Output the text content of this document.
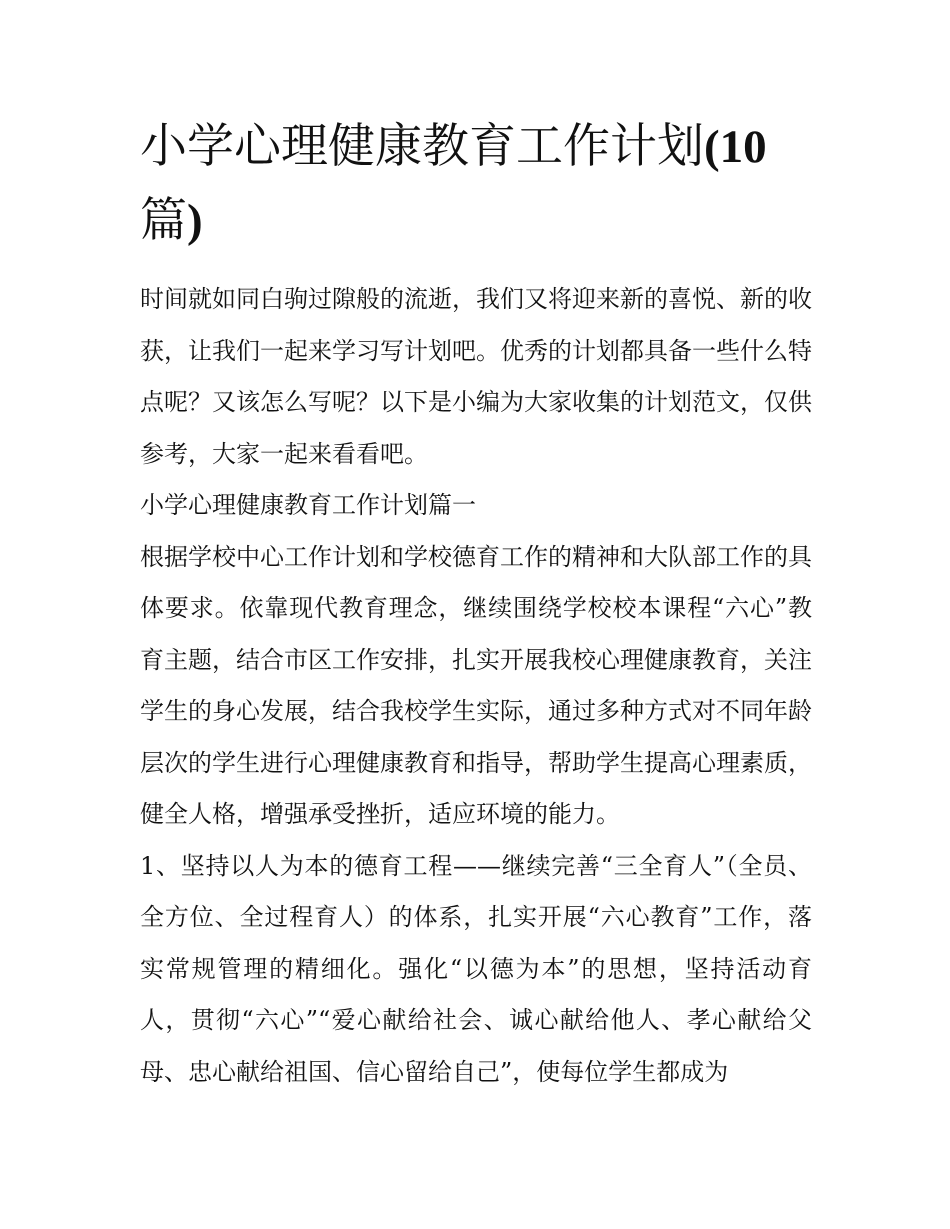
小学心理健康教育工作计划(10
篇)

时间就如同白驹过隙般的流逝，我们又将迎来新的喜悦、新的收获，让我们一起来学习写计划吧。优秀的计划都具备一些什么特点呢？又该怎么写呢？以下是小编为大家收集的计划范文，仅供参考，大家一起来看看吧。

小学心理健康教育工作计划篇一

根据学校中心工作计划和学校德育工作的精神和大队部工作的具体要求。依靠现代教育理念，继续围绕学校校本课程“六心”教育主题，结合市区工作安排，扎实开展我校心理健康教育，关注学生的身心发展，结合我校学生实际，通过多种方式对不同年龄层次的学生进行心理健康教育和指导，帮助学生提高心理素质，健全人格，增强承受挫折，适应环境的能力。

1、坚持以人为本的德育工程——继续完善“三全育人”（全员、全方位、全过程育人）的体系，扎实开展“六心教育”工作，落实常规管理的精细化。强化“以德为本”的思想，坚持活动育人，贯彻“六心”“爱心献给社会、诚心献给他人、孝心献给父母、忠心献给祖国、信心留给自己”，使每位学生都成为
